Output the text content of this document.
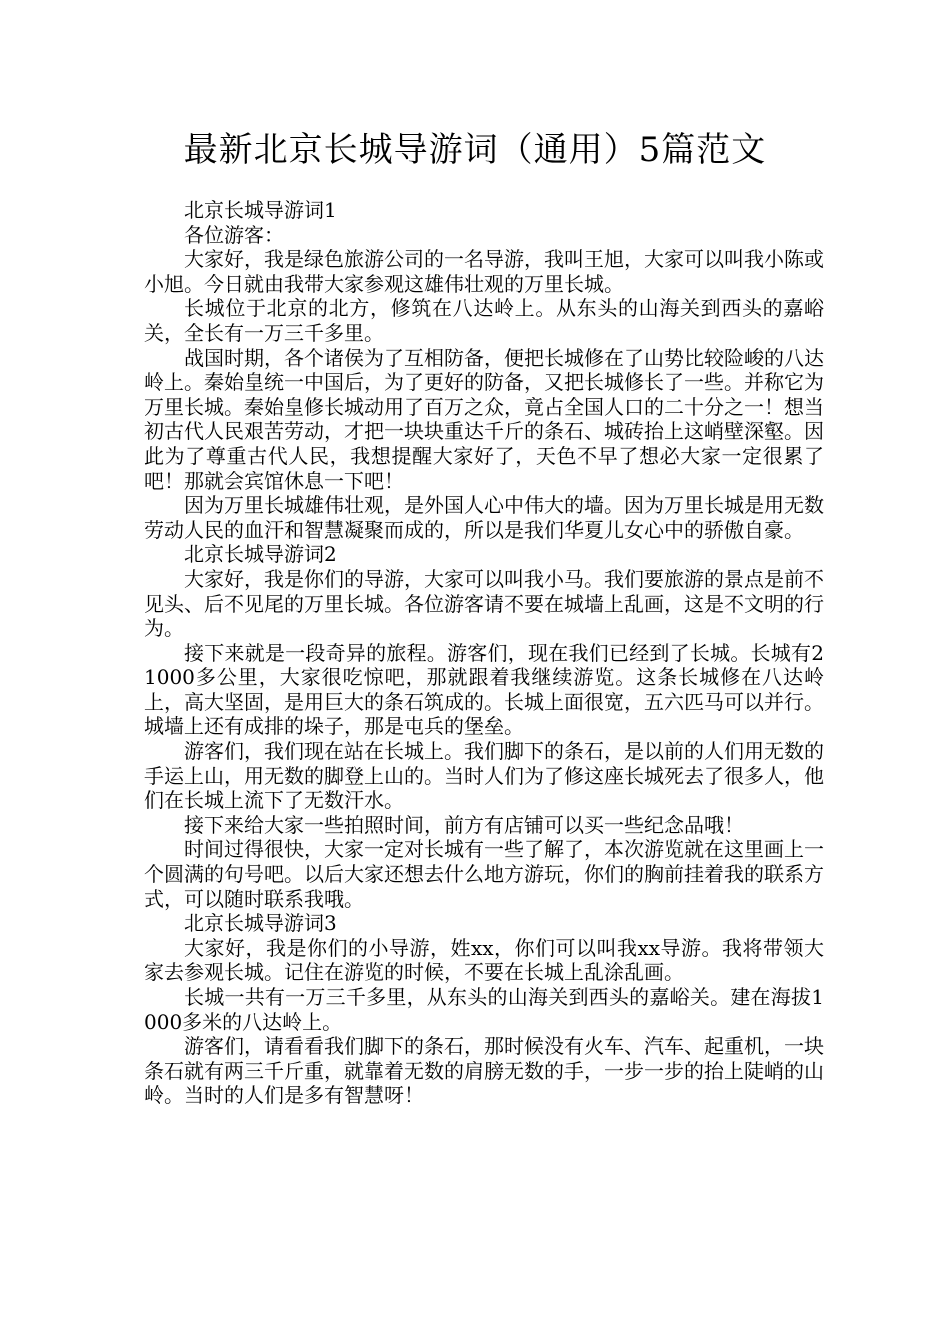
最新北京长城导游词（通用）5篇范文

北京长城导游词1

各位游客：

大家好，我是绿色旅游公司的一名导游，我叫王旭，大家可以叫我小陈或小旭。今日就由我带大家参观这雄伟壮观的万里长城。

长城位于北京的北方，修筑在八达岭上。从东头的山海关到西头的嘉峪关，全长有一万三千多里。

战国时期，各个诸侯为了互相防备，便把长城修在了山势比较险峻的八达岭上。秦始皇统一中国后，为了更好的防备，又把长城修长了一些。并称它为万里长城。秦始皇修长城动用了百万之众，竟占全国人口的二十分之一！想当初古代人民艰苦劳动，才把一块块重达千斤的条石、城砖抬上这峭壁深壑。因此为了尊重古代人民，我想提醒大家好了，天色不早了想必大家一定很累了吧！那就会宾馆休息一下吧！

因为万里长城雄伟壮观，是外国人心中伟大的墙。因为万里长城是用无数劳动人民的血汗和智慧凝聚而成的，所以是我们华夏儿女心中的骄傲自豪。

北京长城导游词2

大家好，我是你们的导游，大家可以叫我小马。我们要旅游的景点是前不见头、后不见尾的万里长城。各位游客请不要在城墙上乱画，这是不文明的行为。

接下来就是一段奇异的旅程。游客们，现在我们已经到了长城。长城有21000多公里，大家很吃惊吧，那就跟着我继续游览。这条长城修在八达岭上，高大坚固，是用巨大的条石筑成的。长城上面很宽，五六匹马可以并行。城墙上还有成排的垛子，那是屯兵的堡垒。

游客们，我们现在站在长城上。我们脚下的条石，是以前的人们用无数的手运上山，用无数的脚登上山的。当时人们为了修这座长城死去了很多人，他们在长城上流下了无数汗水。

接下来给大家一些拍照时间，前方有店铺可以买一些纪念品哦！

时间过得很快，大家一定对长城有一些了解了，本次游览就在这里画上一个圆满的句号吧。以后大家还想去什么地方游玩，你们的胸前挂着我的联系方式，可以随时联系我哦。

北京长城导游词3

大家好，我是你们的小导游，姓xx，你们可以叫我xx导游。我将带领大家去参观长城。记住在游览的时候，不要在长城上乱涂乱画。

长城一共有一万三千多里，从东头的山海关到西头的嘉峪关。建在海拔1000多米的八达岭上。

游客们，请看看我们脚下的条石，那时候没有火车、汽车、起重机，一块条石就有两三千斤重，就靠着无数的肩膀无数的手，一步一步的抬上陡峭的山岭。当时的人们是多有智慧呀！
